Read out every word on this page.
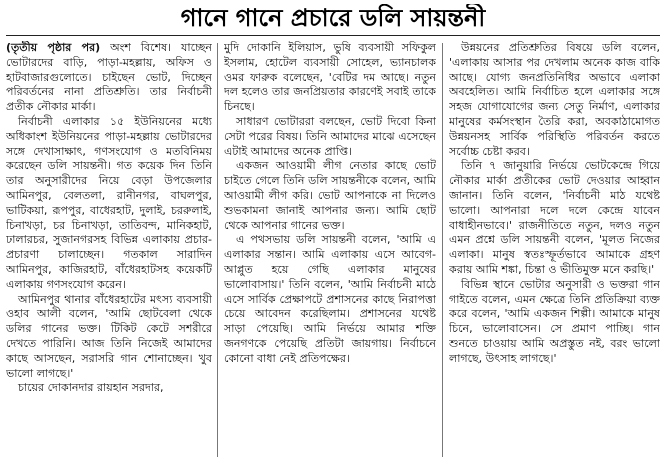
গানে গানে প্রচারে ডলি সায়ন্তনী

(তৃতীয় পৃষ্ঠার পর) অংশ বিশেষ। যাচ্ছেন ভোটারদের বাড়ি, পাড়া-মহল্লায়, অফিস ও হাটবাজারগুলোতে। চাইছেন ভোট, দিচ্ছেন পরিবর্তনের নানা প্রতিশ্রুতি। তার নির্বাচনী প্রতীক নৌকার মার্কা।

নির্বাচনী এলাকার ১৫ ইউনিয়নের মধ্যে অধিকাংশ ইউনিয়নের পাড়া-মহল্লায় ভোটারদের সঙ্গে দেখাসাক্ষাৎ, গণসংযোগ ও মতবিনিময় করেছেন ডলি সায়ন্তনী। গত কয়েক দিন তিনি তার অনুসারীদের নিয়ে বেড়া উপজেলার আমিনপুর, বেলতলা, রানীনগর, বাঘলপুর, ভাটিকয়া, রূপপুর, বাধেরহাট, দুলাই, চররুলাই, চিনাখড়া, চর চিনাখড়া, তাতিবন্দ, মানিকহাট, ঢালারচর, সুজানগরসহ বিভিন্ন এলাকায় প্রচার-প্রচারণা চালাচ্ছেন। গতকাল সারাদিন আমিনপুর, কাজিরহাট, বাঁধেরহাটসহ কয়েকটি এলাকায় গণসংযোগ করেন।

আমিনপুর থানার বাঁধেরহাটের মৎস্য ব্যবসায়ী ওহাব আলী বলেন, 'আমি ছোটবেলা থেকে ডলির গানের ভক্ত। টিকিট কেটে সশরীরে দেখতে পারিনি। আজ তিনি নিজেই আমাদের কাছে আসছেন, সরাসরি গান শোনাচ্ছেন। খুব ভালো লাগছে।'

চায়ের দোকানদার রায়হান সরদার,

মুদি দোকানি ইলিয়াস, ভুষি ব্যবসায়ী সফিকুল ইসলাম, হোটেল ব্যবসায়ী সোহেল, ভ্যানচালক ওমর ফারুক বলেছেন, 'বেটির দম আছে। নতুন দল হলেও তার জনপ্রিয়তার কারণেই সবাই তাকে চিনছে।

সাধারণ ভোটাররা বলছেন, ভোট দিবো কিনা সেটা পরের বিষয়। তিনি আমাদের মাঝে এসেছেন এটাই আমাদের অনেক প্রাপ্তি।

একজন আওয়ামী লীগ নেতার কাছে ভোট চাইতে গেলে তিনি ডলি সায়ন্তনীকে বলেন, আমি আওয়ামী লীগ করি। ভোট আপনাকে না দিলেও শুভকামনা জানাই আপনার জন্য। আমি ছোট থেকে আপনার গানের ভক্ত।

এ পথসভায় ডলি সায়ন্তনী বলেন, 'আমি এ এলাকার সন্তান। আমি এলাকায় এসে আবেগ-আপ্লুত হয়ে গেছি এলাকার মানুষের ভালোবাসায়।' তিনি বলেন, 'আমি নির্বাচনী মাঠে এসে সার্বিক প্রেক্ষাপটে প্রশাসনের কাছে নিরাপত্তা চেয়ে আবেদন করেছিলাম। প্রশাসনের যথেষ্ট সাড়া পেয়েছি। আমি নির্ভয়ে আমার শক্তি জনগণকে পেয়েছি প্রতিটা জায়গায়। নির্বাচনে কোনো বাধা নেই প্রতিপক্ষের।

উন্নয়নের প্রতিশ্রুতির বিষয়ে ডলি বলেন, 'এলাকায় আসার পর দেখলাম অনেক কাজ বাকি আছে। যোগ্য জনপ্রতিনিধির অভাবে এলাকা অবহেলিত। আমি নির্বাচিত হলে এলাকার সঙ্গে সহজ যোগাযোগের জন্য সেতু নির্মাণ, এলাকার মানুষের কর্মসংস্থান তৈরি করা, অবকাঠামোগত উন্নয়নসহ সার্বিক পরিস্থিতি পরিবর্তন করতে সর্বোচ্চ চেষ্টা করব।

তিনি ৭ জানুয়ারি নির্ভয়ে ভোটকেন্দ্রে গিয়ে নৌকার মার্কা প্রতীকের ভোট দেওয়ার আহ্বান জানান। তিনি বলেন, 'নির্বাচনী মাঠ যথেষ্ট ভালো। আপনারা দলে দলে কেন্দ্রে যাবেন বাধাহীনভাবে।' রাজনীতিতে নতুন, দলও নতুন এমন প্রশ্নে ডলি সায়ন্তনী বলেন, 'মূলত নিজের এলাকা। মানুষ স্বতঃস্ফূর্তভাবে আমাকে গ্রহণ করায় আমি শঙ্কা, চিন্তা ও ভীতিমুক্ত মনে করছি।'

বিভিন্ন স্থানে ভোটার অনুসারী ও ভক্তরা গান গাইতে বলেন, এমন ক্ষেত্রে তিনি প্রতিক্রিয়া ব্যক্ত করে বলেন, 'আমি একজন শিল্পী। আমাকে মানুষ চিনে, ভালোবাসেন। সে প্রমাণ পাচ্ছি। গান শুনতে চাওয়ায় আমি অপ্রস্তুত নই, বরং ভালো লাগছে, উৎসাহ লাগছে।'
